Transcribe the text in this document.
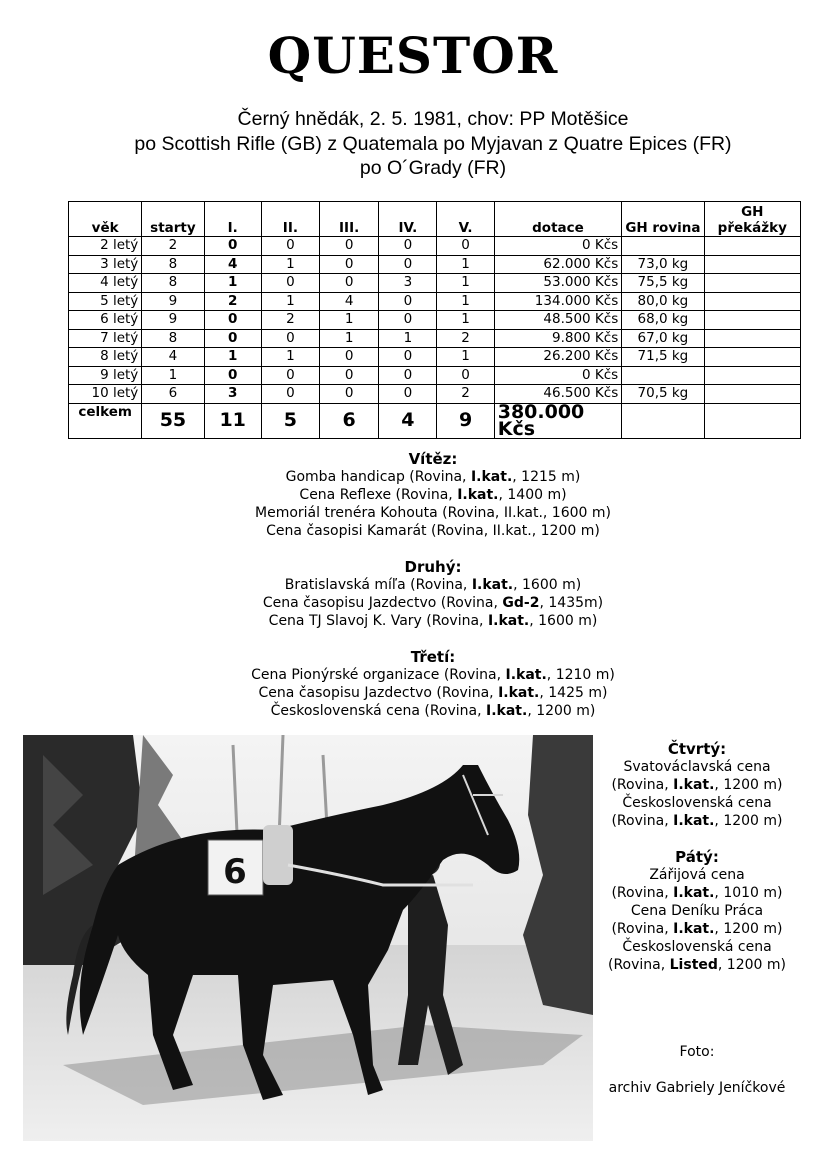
QUESTOR
Černý hnědák, 2. 5. 1981, chov: PP Motěšice
po Scottish Rifle (GB) z Quatemala po Myjavan z Quatre Epices (FR)
po O´Grady (FR)
věk	starty	I.	II.	III.	IV.	V.	dotace	GH rovina	GH překážky
2 letý	2	0	0	0	0	0	0 Kčs		
3 letý	8	4	1	0	0	1	62.000 Kčs	73,0 kg	
4 letý	8	1	0	0	3	1	53.000 Kčs	75,5 kg	
5 letý	9	2	1	4	0	1	134.000 Kčs	80,0 kg	
6 letý	9	0	2	1	0	1	48.500 Kčs	68,0 kg	
7 letý	8	0	0	1	1	2	9.800 Kčs	67,0 kg	
8 letý	4	1	1	0	0	1	26.200 Kčs	71,5 kg	
9 letý	1	0	0	0	0	0	0 Kčs		
10 letý	6	3	0	0	0	2	46.500 Kčs	70,5 kg	
celkem	55	11	5	6	4	9	380.000 Kčs		
Vítěz:
Gomba handicap (Rovina, I.kat., 1215 m)
Cena Reflexe (Rovina, I.kat., 1400 m)
Memoriál trenéra Kohouta (Rovina, II.kat., 1600 m)
Cena časopisi Kamarát (Rovina, II.kat., 1200 m)
Druhý:
Bratislavská míľa (Rovina, I.kat., 1600 m)
Cena časopisu Jazdectvo (Rovina, Gd-2, 1435m)
Cena TJ Slavoj K. Vary (Rovina, I.kat., 1600 m)
Třetí:
Cena Pionýrské organizace (Rovina, I.kat., 1210 m)
Cena časopisu Jazdectvo (Rovina, I.kat., 1425 m)
Československá cena (Rovina, I.kat., 1200 m)
6
Čtvrtý:
Svatováclavská cena
(Rovina, I.kat., 1200 m)
Československá cena
(Rovina, I.kat., 1200 m)
Pátý:
Zářijová cena
(Rovina, I.kat., 1010 m)
Cena Deníku Práca
(Rovina, I.kat., 1200 m)
Československá cena
(Rovina, Listed, 1200 m)
Foto:
archiv Gabriely Jeníčkové
